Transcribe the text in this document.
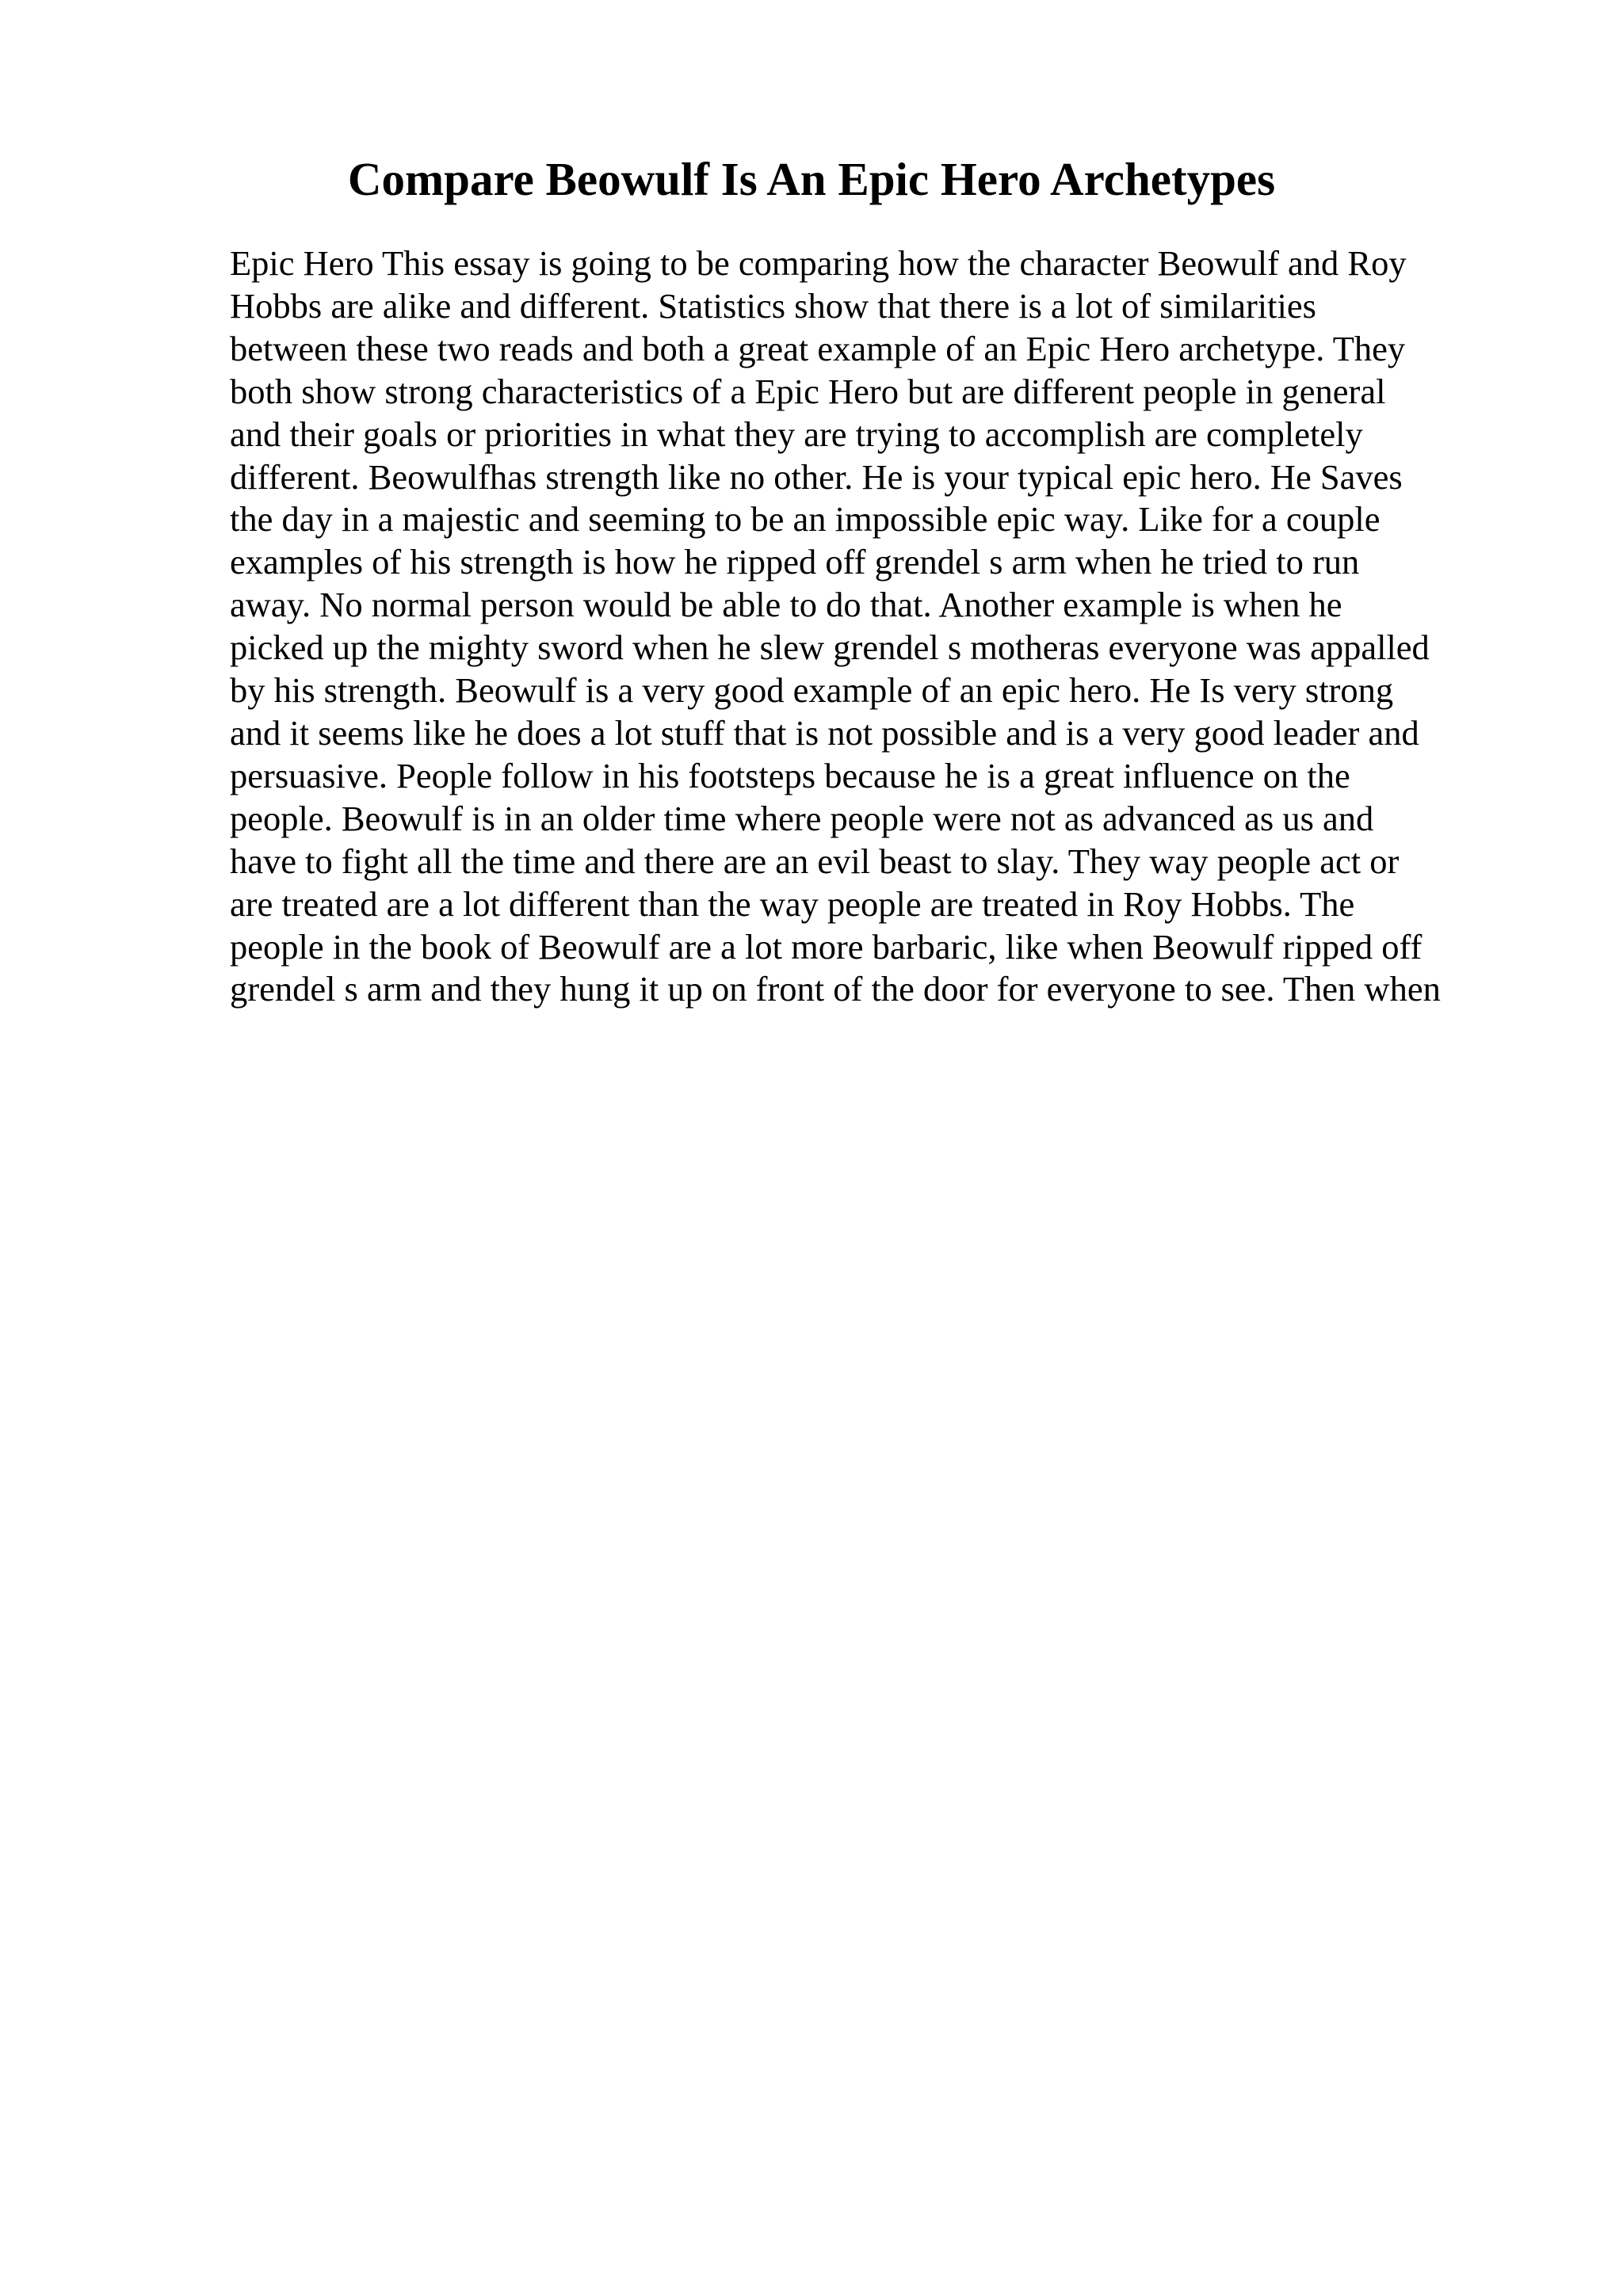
Compare Beowulf Is An Epic Hero Archetypes
Epic Hero This essay is going to be comparing how the character Beowulf and Roy
Hobbs are alike and different. Statistics show that there is a lot of similarities
between these two reads and both a great example of an Epic Hero archetype. They
both show strong characteristics of a Epic Hero but are different people in general
and their goals or priorities in what they are trying to accomplish are completely
different. Beowulfhas strength like no other. He is your typical epic hero. He Saves
the day in a majestic and seeming to be an impossible epic way. Like for a couple
examples of his strength is how he ripped off grendel s arm when he tried to run
away. No normal person would be able to do that. Another example is when he
picked up the mighty sword when he slew grendel s motheras everyone was appalled
by his strength. Beowulf is a very good example of an epic hero. He Is very strong
and it seems like he does a lot stuff that is not possible and is a very good leader and
persuasive. People follow in his footsteps because he is a great influence on the
people. Beowulf is in an older time where people were not as advanced as us and
have to fight all the time and there are an evil beast to slay. They way people act or
are treated are a lot different than the way people are treated in Roy Hobbs. The
people in the book of Beowulf are a lot more barbaric, like when Beowulf ripped off
grendel s arm and they hung it up on front of the door for everyone to see. Then when
